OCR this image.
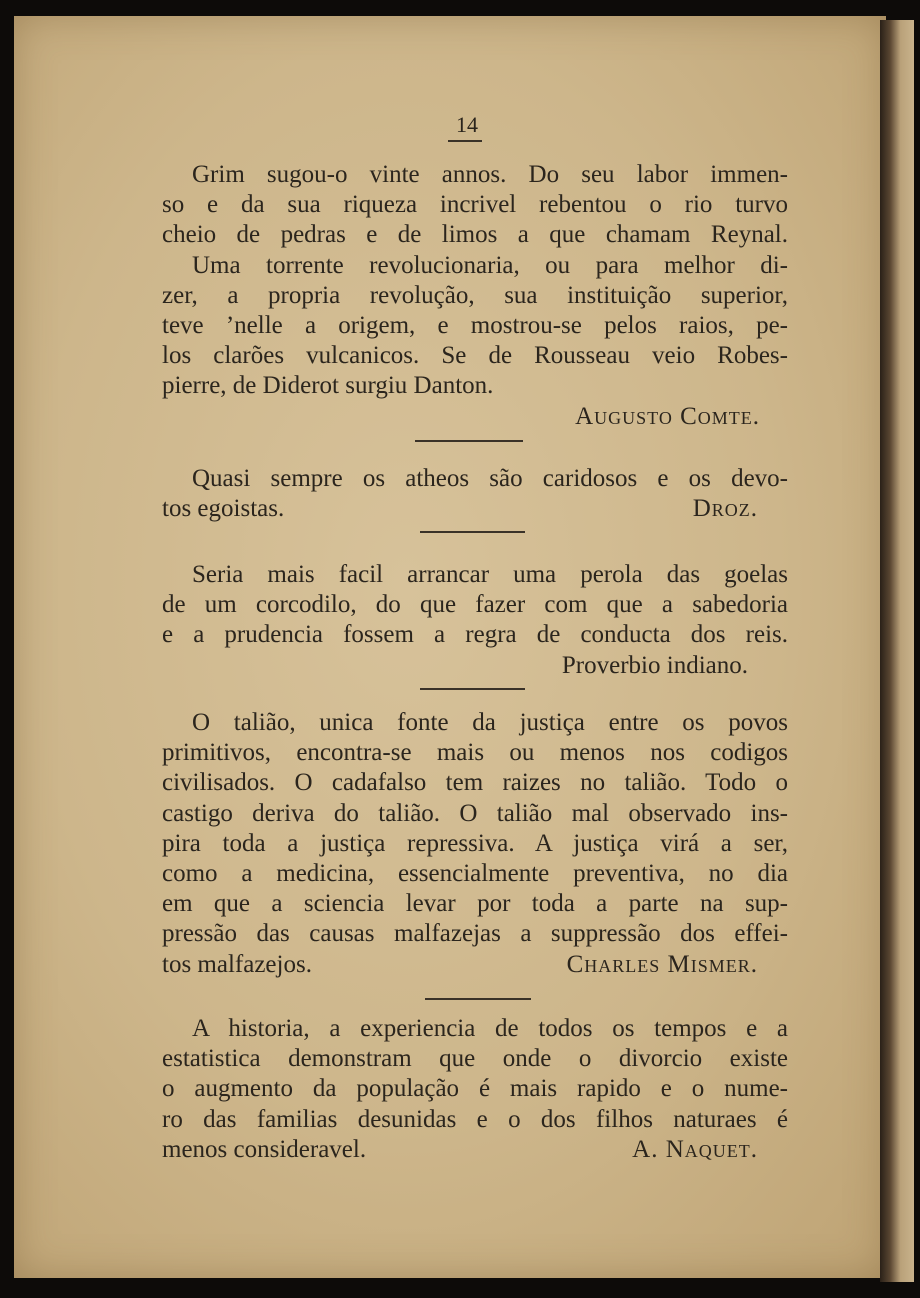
14
Grim sugou-o vinte annos. Do seu labor immen-
so e da sua riqueza incrivel rebentou o rio turvo
cheio de pedras e de limos a que chamam Reynal.
Uma torrente revolucionaria, ou para melhor di-
zer, a propria revolução, sua instituição superior,
teve ’nelle a origem, e mostrou-se pelos raios, pe-
los clarões vulcanicos. Se de Rousseau veio Robes-
pierre, de Diderot surgiu Danton.
Augusto Comte.
Quasi sempre os atheos são caridosos e os devo-
tos egoistas.	Droz.
Seria mais facil arrancar uma perola das goelas
de um corcodilo, do que fazer com que a sabedoria
e a prudencia fossem a regra de conducta dos reis.
Proverbio indiano.
O talião, unica fonte da justiça entre os povos
primitivos, encontra-se mais ou menos nos codigos
civilisados. O cadafalso tem raizes no talião. Todo o
castigo deriva do talião. O talião mal observado ins-
pira toda a justiça repressiva. A justiça virá a ser,
como a medicina, essencialmente preventiva, no dia
em que a sciencia levar por toda a parte na sup-
pressão das causas malfazejas a suppressão dos effei-
tos malfazejos.	Charles Mismer.
A historia, a experiencia de todos os tempos e a
estatistica demonstram que onde o divorcio existe
o augmento da população é mais rapido e o nume-
ro das familias desunidas e o dos filhos naturaes é
menos consideravel.	A. Naquet.
